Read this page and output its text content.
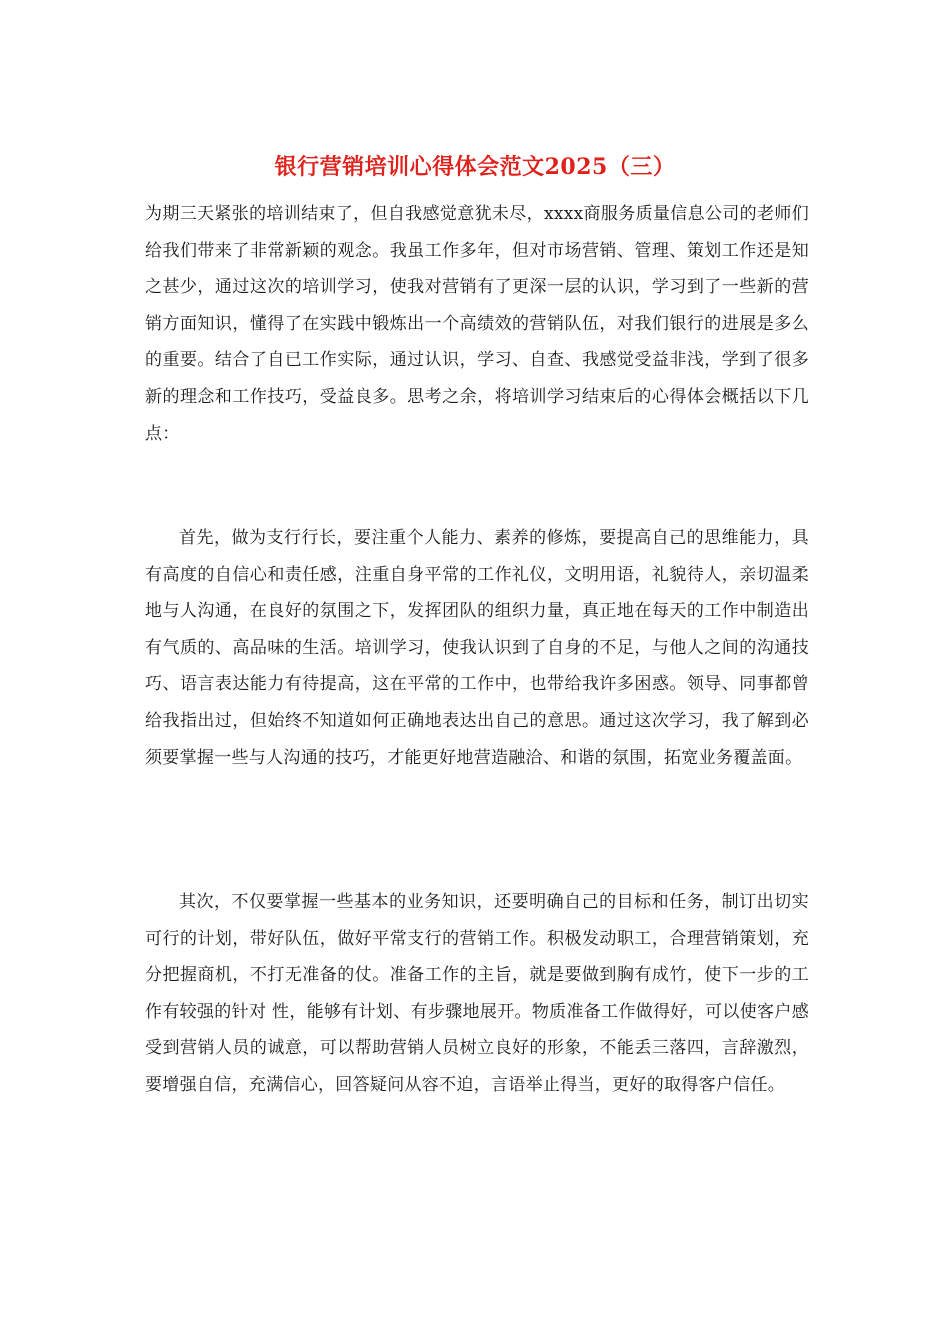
银行营销培训心得体会范文2025（三）

为期三天紧张的培训结束了，但自我感觉意犹未尽，xxxx商服务质量信息公司的老师们给我们带来了非常新颖的观念。我虽工作多年，但对市场营销、管理、策划工作还是知之甚少，通过这次的培训学习，使我对营销有了更深一层的认识，学习到了一些新的营销方面知识，懂得了在实践中锻炼出一个高绩效的营销队伍，对我们银行的进展是多么的重要。结合了自已工作实际，通过认识，学习、自查、我感觉受益非浅，学到了很多新的理念和工作技巧，受益良多。思考之余，将培训学习结束后的心得体会概括以下几点：

首先，做为支行行长，要注重个人能力、素养的修炼，要提高自己的思维能力，具有高度的自信心和责任感，注重自身平常的工作礼仪，文明用语，礼貌待人，亲切温柔地与人沟通，在良好的氛围之下，发挥团队的组织力量，真正地在每天的工作中制造出有气质的、高品味的生活。培训学习，使我认识到了自身的不足，与他人之间的沟通技巧、语言表达能力有待提高，这在平常的工作中，也带给我许多困惑。领导、同事都曾给我指出过，但始终不知道如何正确地表达出自己的意思。通过这次学习，我了解到必须要掌握一些与人沟通的技巧，才能更好地营造融洽、和谐的氛围，拓宽业务覆盖面。

其次，不仅要掌握一些基本的业务知识，还要明确自己的目标和任务，制订出切实可行的计划，带好队伍，做好平常支行的营销工作。积极发动职工，合理营销策划，充分把握商机，不打无准备的仗。准备工作的主旨，就是要做到胸有成竹，使下一步的工作有较强的针对 性，能够有计划、有步骤地展开。物质准备工作做得好，可以使客户感受到营销人员的诚意，可以帮助营销人员树立良好的形象，不能丢三落四，言辞激烈，要增强自信，充满信心，回答疑问从容不迫，言语举止得当，更好的取得客户信任。
